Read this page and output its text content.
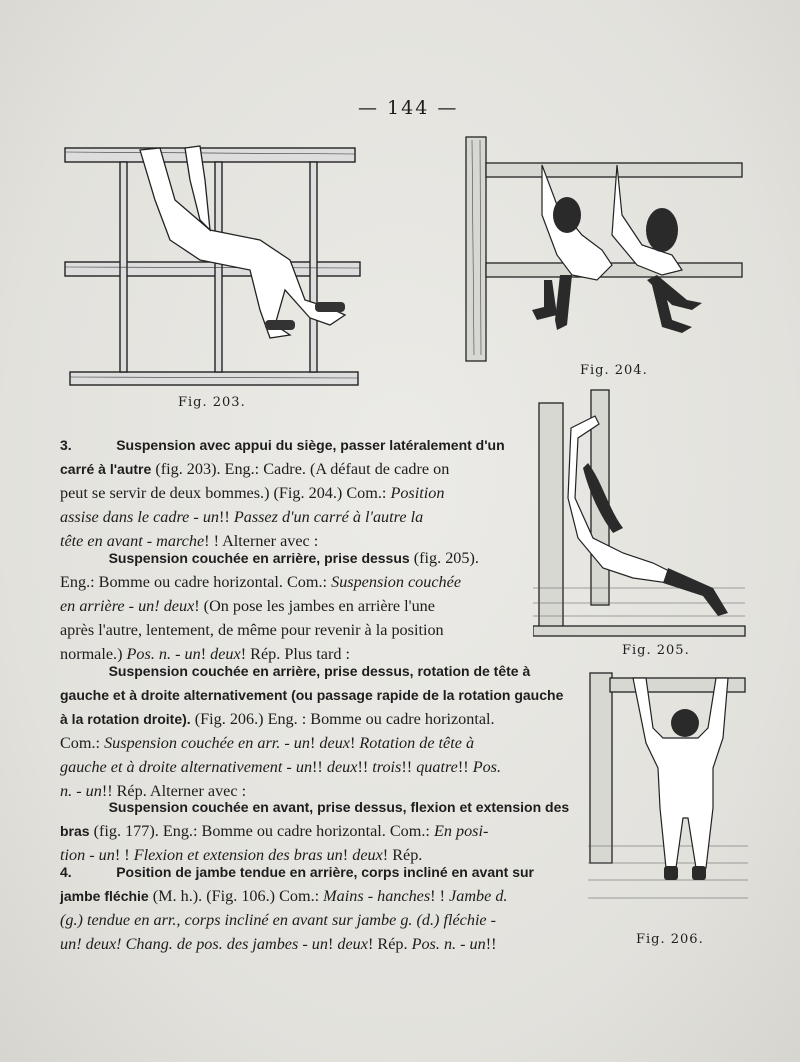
— 144 —
Fig. 203.
Fig. 204.
Fig. 205.
Fig. 206.
3.	Suspension avec appui du siège, passer latéralement d'un
carré à l'autre (fig. 203). Eng.: Cadre. (A défaut de cadre on
peut se servir de deux bommes.) (Fig. 204.) Com.: Position
assise dans le cadre - un!! Passez d'un carré à l'autre la
tête en avant - marche! ! Alterner avec :
Suspension couchée en arrière, prise dessus (fig. 205).
Eng.: Bomme ou cadre horizontal. Com.: Suspension couchée
en arrière - un! deux! (On pose les jambes en arrière l'une
après l'autre, lentement, de même pour revenir à la position
normale.) Pos. n. - un! deux! Rép. Plus tard :
Suspension couchée en arrière, prise dessus, rotation de tête à
gauche et à droite alternativement (ou passage rapide de la rotation gauche
à la rotation droite). (Fig. 206.) Eng. : Bomme ou cadre horizontal.
Com.: Suspension couchée en arr. - un! deux! Rotation de tête à
gauche et à droite alternativement - un!! deux!! trois!! quatre!! Pos.
n. - un!! Rép. Alterner avec :
Suspension couchée en avant, prise dessus, flexion et extension des
bras (fig. 177). Eng.: Bomme ou cadre horizontal. Com.: En posi-
tion - un! ! Flexion et extension des bras un! deux! Rép.
4.	Position de jambe tendue en arrière, corps incliné en avant sur
jambe fléchie (M. h.). (Fig. 106.) Com.: Mains - hanches! ! Jambe d.
(g.) tendue en arr., corps incliné en avant sur jambe g. (d.) fléchie -
un! deux! Chang. de pos. des jambes - un! deux! Rép. Pos. n. - un!!
